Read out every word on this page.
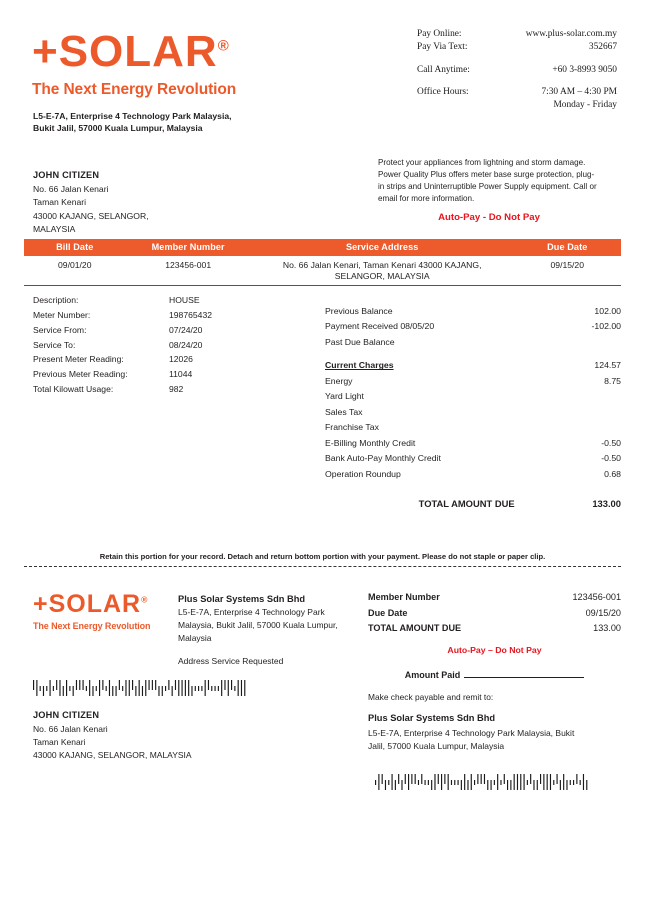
+SOLAR®
The Next Energy Revolution
L5-E-7A, Enterprise 4 Technology Park Malaysia,
Bukit Jalil, 57000 Kuala Lumpur, Malaysia
Pay Online:	www.plus-solar.com.my
Pay Via Text:	352667

Call Anytime:	+60 3-8993 9050

Office Hours:	7:30 AM – 4:30 PM
	Monday - Friday
JOHN CITIZEN
No. 66 Jalan Kenari
Taman Kenari
43000 KAJANG, SELANGOR,
MALAYSIA
Protect your appliances from lightning and storm damage. Power Quality Plus offers meter base surge protection, plug-in strips and Uninterruptible Power Supply equipment. Call or email for more information.
Auto-Pay - Do Not Pay
Bill Date	Member Number	Service Address	Due Date
09/01/20	123456-001	No. 66 Jalan Kenari, Taman Kenari 43000 KAJANG,
SELANGOR, MALAYSIA	09/15/20
Description:	HOUSE
Meter Number:	198765432
Service From:	07/24/20
Service To:	08/24/20
Present Meter Reading:	12026
Previous Meter Reading:	11044
Total Kilowatt Usage:	982
Previous Balance	102.00
Payment Received 08/05/20	-102.00
Past Due Balance	

Current Charges	124.57
Energy	8.75
Yard Light	
Sales Tax	
Franchise Tax	
E-Billing Monthly Credit	-0.50
Bank Auto-Pay Monthly Credit	-0.50
Operation Roundup	0.68
TOTAL AMOUNT DUE	133.00
Retain this portion for your record. Detach and return bottom portion with your payment. Please do not staple or paper clip.
+SOLAR®
The Next Energy Revolution
Plus Solar Systems Sdn Bhd
L5-E-7A, Enterprise 4 Technology Park
Malaysia, Bukit Jalil, 57000 Kuala Lumpur,
Malaysia
Address Service Requested
Member Number	123456-001
Due Date	09/15/20
TOTAL AMOUNT DUE	133.00
Auto-Pay – Do Not Pay
Amount Paid
Make check payable and remit to:
Plus Solar Systems Sdn Bhd
L5-E-7A, Enterprise 4 Technology Park Malaysia, Bukit
Jalil, 57000 Kuala Lumpur, Malaysia
JOHN CITIZEN
No. 66 Jalan Kenari
Taman Kenari
43000 KAJANG, SELANGOR, MALAYSIA
